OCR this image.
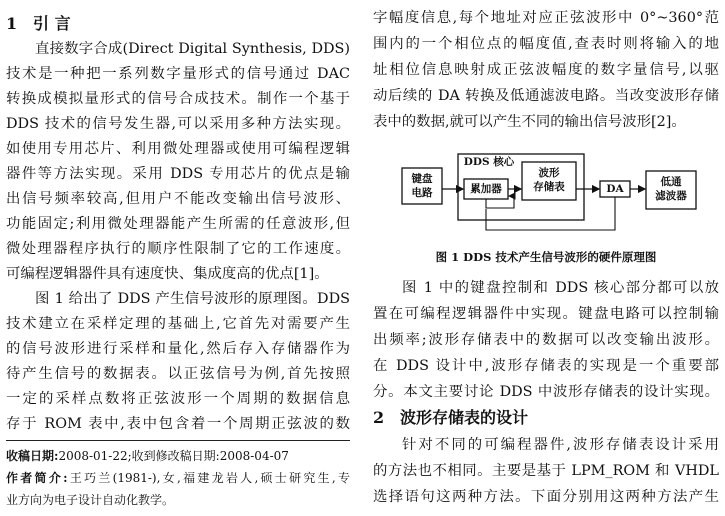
1 引 言
直接数字合成(Direct Digital Synthesis, DDS)
技术是一种把一系列数字量形式的信号通过 DAC
转换成模拟量形式的信号合成技术。制作一个基于
DDS 技术的信号发生器,可以采用多种方法实现。
如使用专用芯片、利用微处理器或使用可编程逻辑
器件等方法实现。采用 DDS 专用芯片的优点是输
出信号频率较高,但用户不能改变输出信号波形、
功能固定;利用微处理器能产生所需的任意波形,但
微处理器程序执行的顺序性限制了它的工作速度。
可编程逻辑器件具有速度快、集成度高的优点[1]。
图 1 给出了 DDS 产生信号波形的原理图。DDS
技术建立在采样定理的基础上,它首先对需要产生
的信号波形进行采样和量化,然后存入存储器作为
待产生信号的数据表。以正弦信号为例,首先按照
一定的采样点数将正弦波形一个周期的数据信息
存于 ROM 表中,表中包含着一个周期正弦波的数
收稿日期:2008-01-22;收到修改稿日期:2008-04-07
作者简介:王巧兰(1981-),女,福建龙岩人,硕士研究生,专
业方向为电子设计自动化教学。
字幅度信息,每个地址对应正弦波形中 0°~360°范
围内的一个相位点的幅度值,查表时则将输入的地
址相位信息映射成正弦波幅度的数字量信号,以驱
动后续的 DA 转换及低通滤波电路。当改变波形存储
表中的数据,就可以产生不同的输出信号波形[2]。
图 1 中的键盘控制和 DDS 核心部分都可以放
置在可编程逻辑器件中实现。键盘电路可以控制输
出频率;波形存储表中的数据可以改变输出波形。
在 DDS 设计中,波形存储表的实现是一个重要部
分。本文主要讨论 DDS 中波形存储表的设计实现。
2 波形存储表的设计
针对不同的可编程器件,波形存储表设计采用
的方法也不相同。主要是基于 LPM_ROM 和 VHDL
选择语句这两种方法。下面分别用这两种方法产生
键盘
电路
DDS 核心
累加器
波形
存储表	DA
低通
滤波器
图 1 DDS 技术产生信号波形的硬件原理图
